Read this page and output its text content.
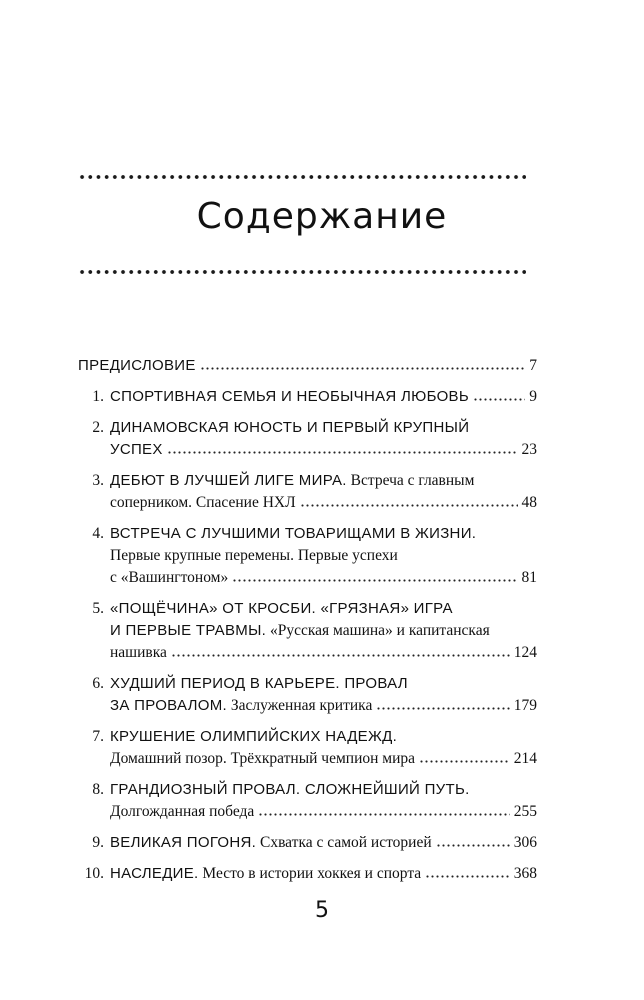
Содержание
ПРЕДИСЛОВИЕ	7
1. СПОРТИВНАЯ СЕМЬЯ И НЕОБЫЧНАЯ ЛЮБОВЬ	9
2. ДИНАМОВСКАЯ ЮНОСТЬ И ПЕРВЫЙ КРУПНЫЙ
УСПЕХ	23
3. ДЕБЮТ В ЛУЧШЕЙ ЛИГЕ МИРА. Встреча с главным
соперником. Спасение НХЛ	48
4. ВСТРЕЧА С ЛУЧШИМИ ТОВАРИЩАМИ В ЖИЗНИ.
Первые крупные перемены. Первые успехи
с «Вашингтоном»	81
5. «ПОЩЁЧИНА» ОТ КРОСБИ. «ГРЯЗНАЯ» ИГРА
И ПЕРВЫЕ ТРАВМЫ. «Русская машина» и капитанская
нашивка	124
6. ХУДШИЙ ПЕРИОД В КАРЬЕРЕ. ПРОВАЛ
ЗА ПРОВАЛОМ. Заслуженная критика	179
7. КРУШЕНИЕ ОЛИМПИЙСКИХ НАДЕЖД.
Домашний позор. Трёхкратный чемпион мира	214
8. ГРАНДИОЗНЫЙ ПРОВАЛ. СЛОЖНЕЙШИЙ ПУТЬ.
Долгожданная победа	255
9. ВЕЛИКАЯ ПОГОНЯ. Схватка с самой историей	306
10. НАСЛЕДИЕ. Место в истории хоккея и спорта	368
5
